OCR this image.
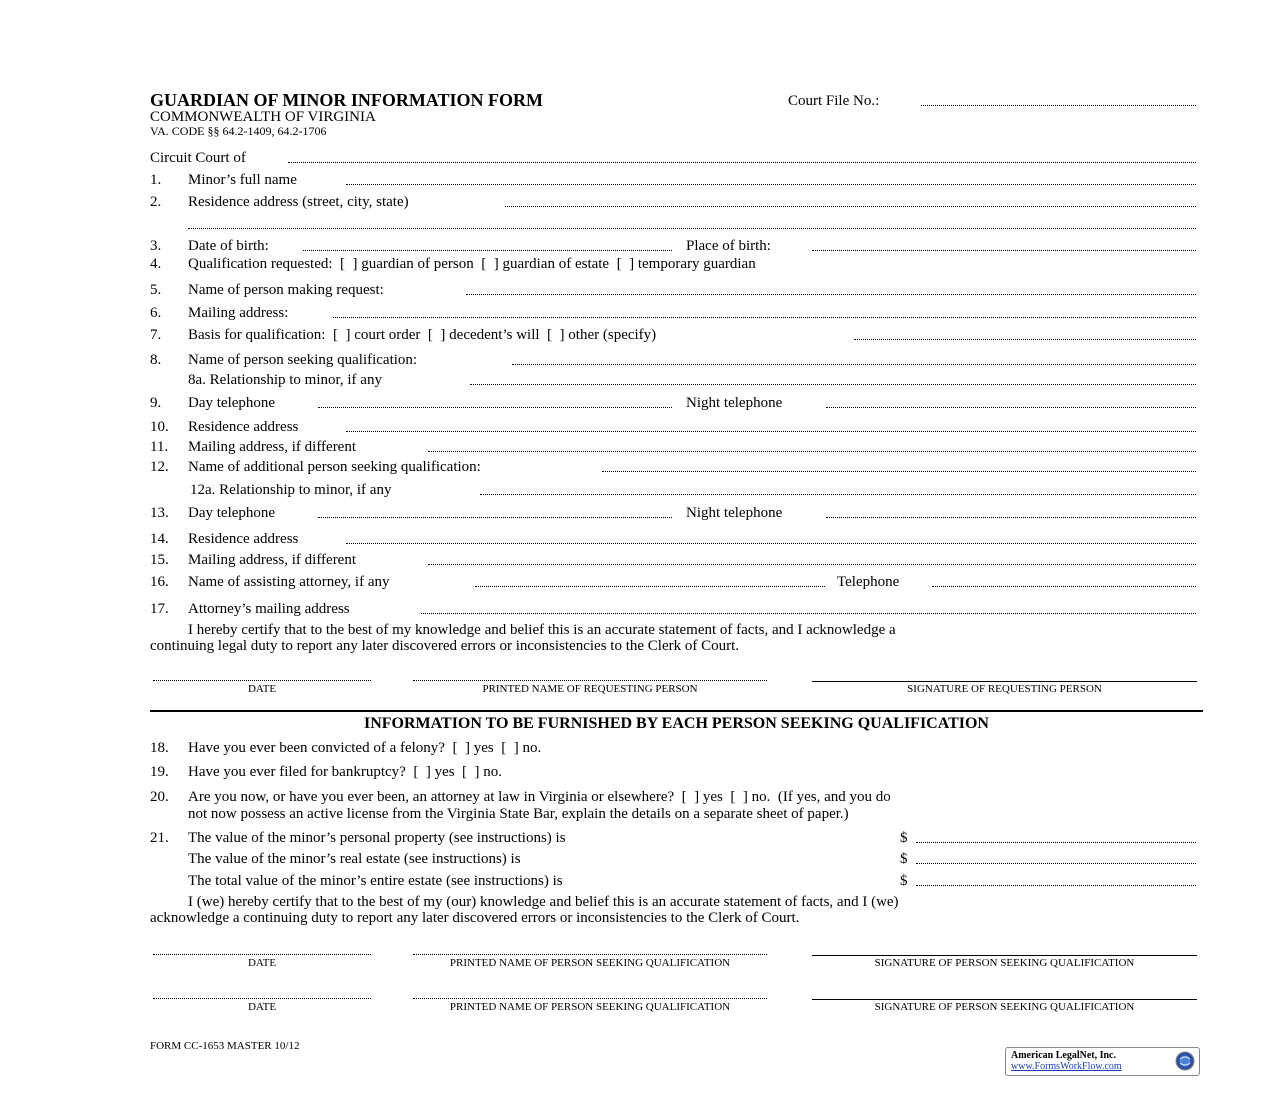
GUARDIAN OF MINOR INFORMATION FORM
COMMONWEALTH OF VIRGINIA
VA. CODE §§ 64.2-1409, 64.2-1706
Court File No.:
Circuit Court of
1. Minor’s full name
2. Residence address (street, city, state)
3. Date of birth:	Place of birth:
4. Qualification requested:  [  ] guardian of person  [  ] guardian of estate  [  ] temporary guardian
5. Name of person making request:
6. Mailing address:
7. Basis for qualification:  [  ] court order  [  ] decedent’s will  [  ] other (specify)
8. Name of person seeking qualification:
8a. Relationship to minor, if any
9. Day telephone	Night telephone
10. Residence address
11. Mailing address, if different
12. Name of additional person seeking qualification:
12a. Relationship to minor, if any
13. Day telephone	Night telephone
14. Residence address
15. Mailing address, if different
16. Name of assisting attorney, if any	Telephone
17. Attorney’s mailing address
I hereby certify that to the best of my knowledge and belief this is an accurate statement of facts, and I acknowledge a
continuing legal duty to report any later discovered errors or inconsistencies to the Clerk of Court.
DATE	PRINTED NAME OF REQUESTING PERSON	SIGNATURE OF REQUESTING PERSON
INFORMATION TO BE FURNISHED BY EACH PERSON SEEKING QUALIFICATION
18. Have you ever been convicted of a felony?  [  ] yes  [  ] no.
19. Have you ever filed for bankruptcy?  [  ] yes  [  ] no.
20. Are you now, or have you ever been, an attorney at law in Virginia or elsewhere?  [  ] yes  [  ] no.  (If yes, and you do
not now possess an active license from the Virginia State Bar, explain the details on a separate sheet of paper.)
21. The value of the minor’s personal property (see instructions) is	$
The value of the minor’s real estate (see instructions) is	$
The total value of the minor’s entire estate (see instructions) is	$
I (we) hereby certify that to the best of my (our) knowledge and belief this is an accurate statement of facts, and I (we)
acknowledge a continuing duty to report any later discovered errors or inconsistencies to the Clerk of Court.
DATE	PRINTED NAME OF PERSON SEEKING QUALIFICATION	SIGNATURE OF PERSON SEEKING QUALIFICATION
DATE	PRINTED NAME OF PERSON SEEKING QUALIFICATION	SIGNATURE OF PERSON SEEKING QUALIFICATION
FORM CC-1653 MASTER 10/12
American LegalNet, Inc.
www.FormsWorkFlow.com
